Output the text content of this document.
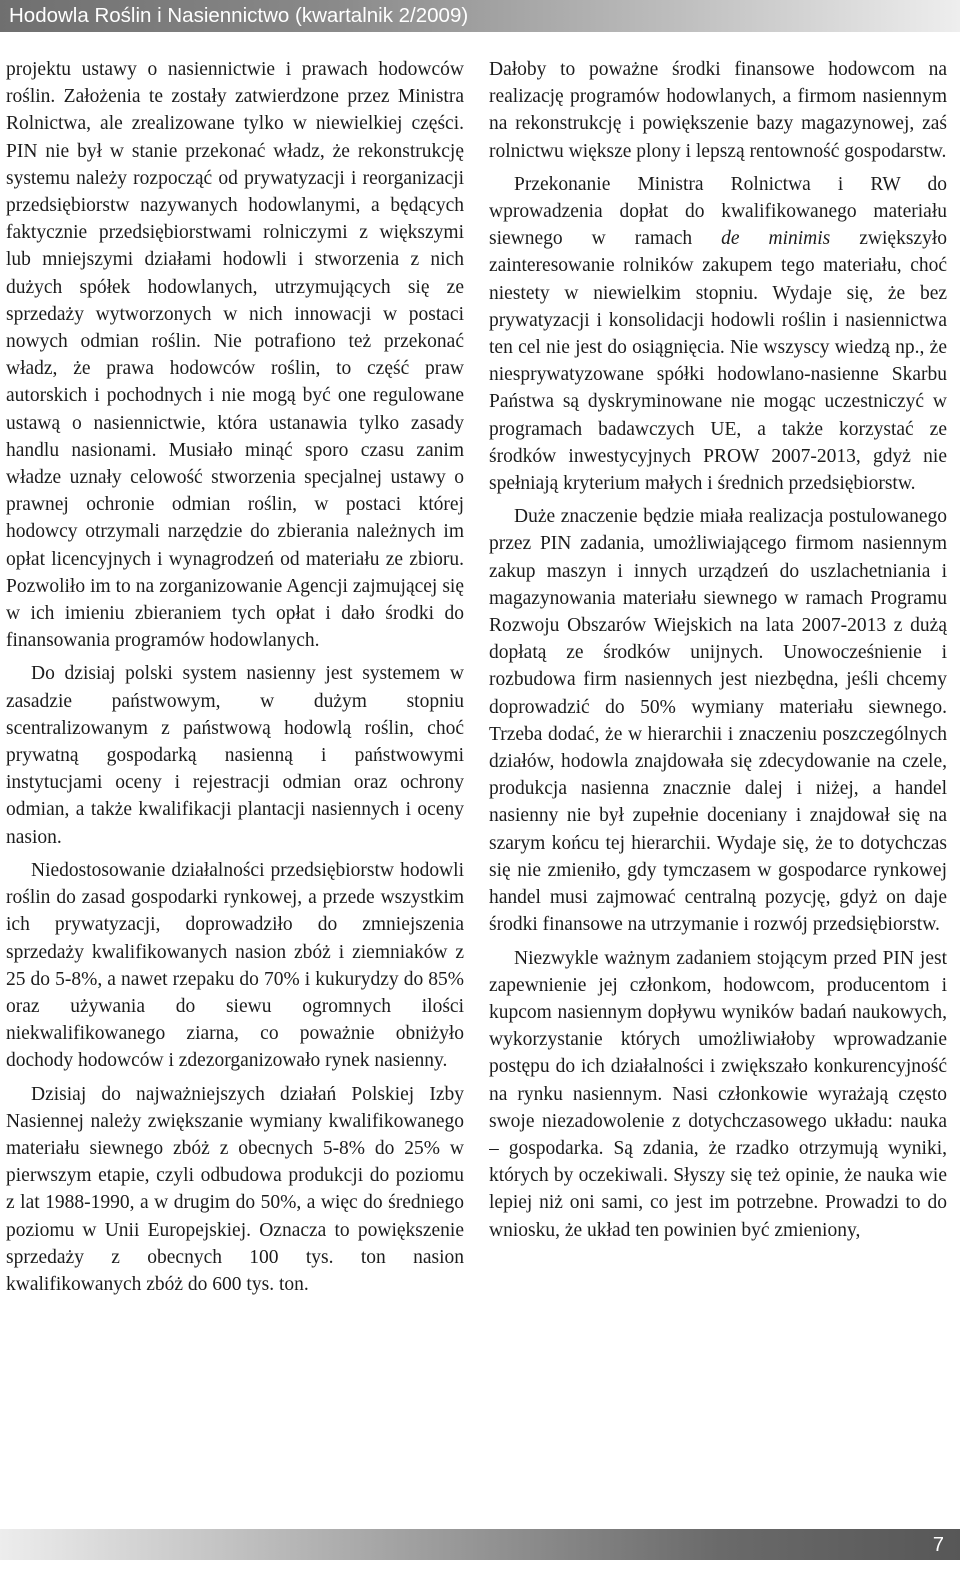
Hodowla Roślin i Nasiennictwo (kwartalnik 2/2009)

projektu ustawy o nasiennictwie i prawach hodowców roślin. Założenia te zostały zatwierdzone przez Ministra Rolnictwa, ale zrealizowane tylko w niewielkiej części. PIN nie był w stanie przekonać władz, że rekonstrukcję systemu należy rozpocząć od prywatyzacji i reorganizacji przedsiębiorstw nazywanych hodowlanymi, a będących faktycznie przedsiębiorstwami rolniczymi z większymi lub mniejszymi działami hodowli i stworzenia z nich dużych spółek hodowlanych, utrzymujących się ze sprzedaży wytworzonych w nich innowacji w postaci nowych odmian roślin. Nie potrafiono też przekonać władz, że prawa hodowców roślin, to część praw autorskich i pochodnych i nie mogą być one regulowane ustawą o nasiennictwie, która ustanawia tylko zasady handlu nasionami. Musiało minąć sporo czasu zanim władze uznały celowość stworzenia specjalnej ustawy o prawnej ochronie odmian roślin, w postaci której hodowcy otrzymali narzędzie do zbierania należnych im opłat licencyjnych i wynagrodzeń od materiału ze zbioru. Pozwoliło im to na zorganizowanie Agencji zajmującej się w ich imieniu zbieraniem tych opłat i dało środki do finansowania programów hodowlanych.

Do dzisiaj polski system nasienny jest systemem w zasadzie państwowym, w dużym stopniu scentralizowanym z państwową hodowlą roślin, choć prywatną gospodarką nasienną i państwowymi instytucjami oceny i rejestracji odmian oraz ochrony odmian, a także kwalifikacji plantacji nasiennych i oceny nasion.

Niedostosowanie działalności przedsiębiorstw hodowli roślin do zasad gospodarki rynkowej, a przede wszystkim ich prywatyzacji, doprowadziło do zmniejszenia sprzedaży kwalifikowanych nasion zbóż i ziemniaków z 25 do 5-8%, a nawet rzepaku do 70% i kukurydzy do 85% oraz używania do siewu ogromnych ilości niekwalifikowanego ziarna, co poważnie obniżyło dochody hodowców i zdezorganizowało rynek nasienny.

Dzisiaj do najważniejszych działań Polskiej Izby Nasiennej należy zwiększanie wymiany kwalifikowanego materiału siewnego zbóż z obecnych 5-8% do 25% w pierwszym etapie, czyli odbudowa produkcji do poziomu z lat 1988-1990, a w drugim do 50%, a więc do średniego poziomu w Unii Europejskiej. Oznacza to powiększenie sprzedaży z obecnych 100 tys. ton nasion kwalifikowanych zbóż do 600 tys. ton.

Dałoby to poważne środki finansowe hodowcom na realizację programów hodowlanych, a firmom nasiennym na rekonstrukcję i powiększenie bazy magazynowej, zaś rolnictwu większe plony i lepszą rentowność gospodarstw.

Przekonanie Ministra Rolnictwa i RW do wprowadzenia dopłat do kwalifikowanego materiału siewnego w ramach de minimis zwiększyło zainteresowanie rolników zakupem tego materiału, choć niestety w niewielkim stopniu. Wydaje się, że bez prywatyzacji i konsolidacji hodowli roślin i nasiennictwa ten cel nie jest do osiągnięcia. Nie wszyscy wiedzą np., że niesprywatyzowane spółki hodowlano-nasienne Skarbu Państwa są dyskryminowane nie mogąc uczestniczyć w programach badawczych UE, a także korzystać ze środków inwestycyjnych PROW 2007-2013, gdyż nie spełniają kryterium małych i średnich przedsiębiorstw.

Duże znaczenie będzie miała realizacja postulowanego przez PIN zadania, umożliwiającego firmom nasiennym zakup maszyn i innych urządzeń do uszlachetniania i magazynowania materiału siewnego w ramach Programu Rozwoju Obszarów Wiejskich na lata 2007-2013 z dużą dopłatą ze środków unijnych. Unowocześnienie i rozbudowa firm nasiennych jest niezbędna, jeśli chcemy doprowadzić do 50% wymiany materiału siewnego. Trzeba dodać, że w hierarchii i znaczeniu poszczególnych działów, hodowla znajdowała się zdecydowanie na czele, produkcja nasienna znacznie dalej i niżej, a handel nasienny nie był zupełnie doceniany i znajdował się na szarym końcu tej hierarchii. Wydaje się, że to dotychczas się nie zmieniło, gdy tymczasem w gospodarce rynkowej handel musi zajmować centralną pozycję, gdyż on daje środki finansowe na utrzymanie i rozwój przedsiębiorstw.

Niezwykle ważnym zadaniem stojącym przed PIN jest zapewnienie jej członkom, hodowcom, producentom i kupcom nasiennym dopływu wyników badań naukowych, wykorzystanie których umożliwiałoby wprowadzanie postępu do ich działalności i zwiększało konkurencyjność na rynku nasiennym. Nasi członkowie wyrażają często swoje niezadowolenie z dotychczasowego układu: nauka – gospodarka. Są zdania, że rzadko otrzymują wyniki, których by oczekiwali. Słyszy się też opinie, że nauka wie lepiej niż oni sami, co jest im potrzebne. Prowadzi to do wniosku, że układ ten powinien być zmieniony,

7
